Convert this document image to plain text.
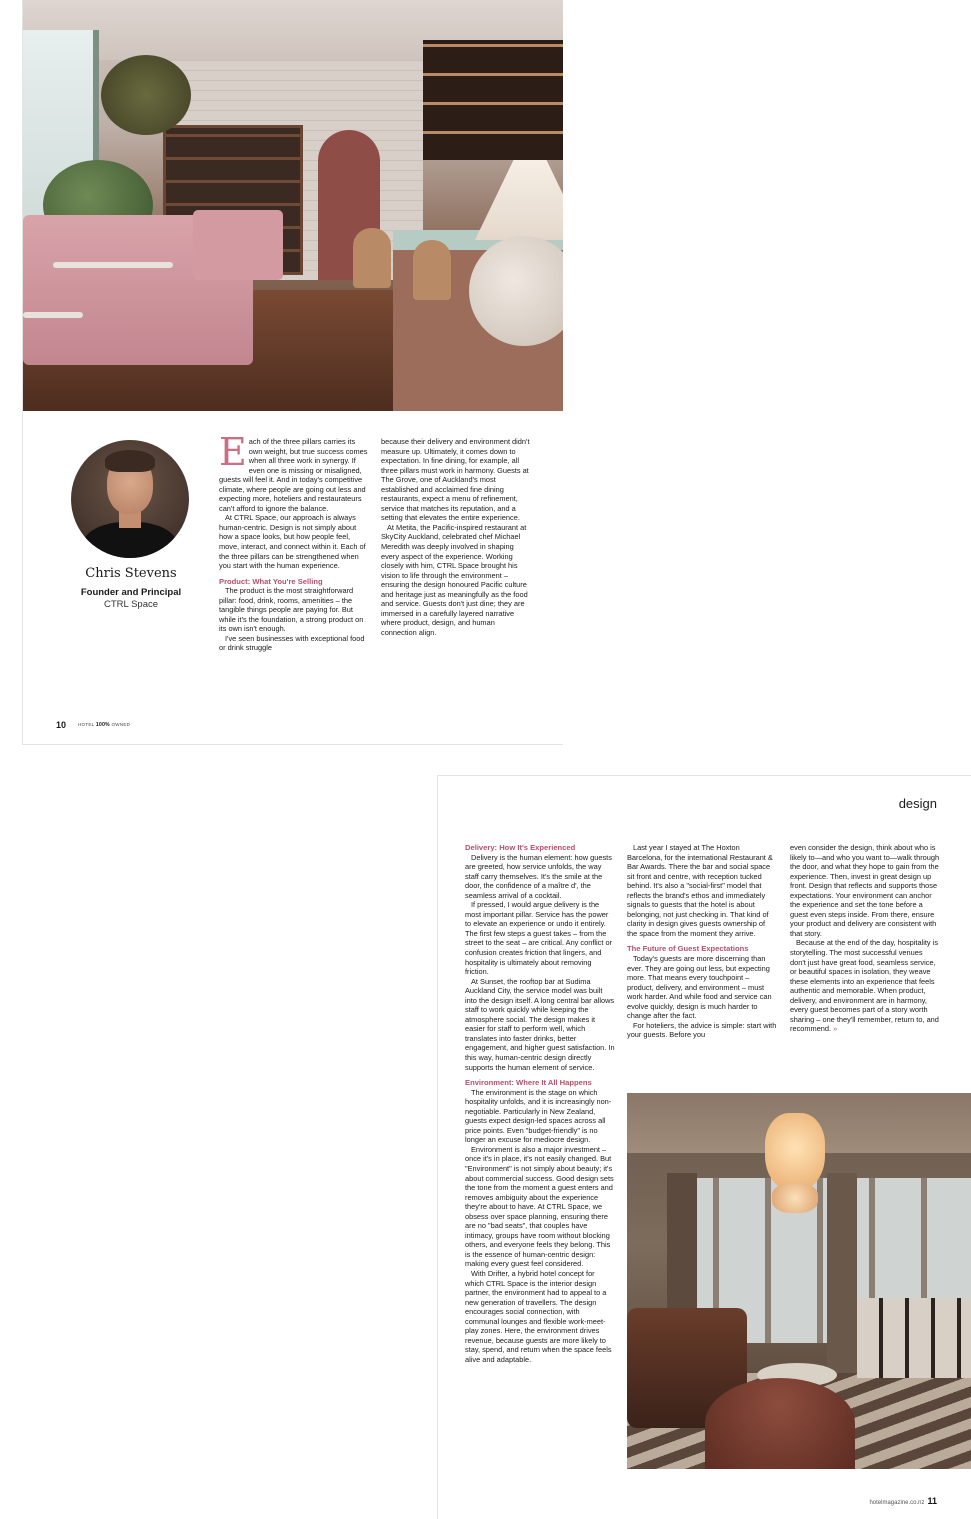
Chris Stevens
Founder and Principal
CTRL Space

Each of the three pillars carries its own weight, but true success comes when all three work in synergy. If even one is missing or misaligned, guests will feel it. And in today's competitive climate, where people are going out less and expecting more, hoteliers and restaurateurs can't afford to ignore the balance.

At CTRL Space, our approach is always human-centric. Design is not simply about how a space looks, but how people feel, move, interact, and connect within it. Each of the three pillars can be strengthened when you start with the human experience.

Product: What You're Selling

The product is the most straightforward pillar: food, drink, rooms, amenities – the tangible things people are paying for. But while it's the foundation, a strong product on its own isn't enough.

I've seen businesses with exceptional food or drink struggle

because their delivery and environment didn't measure up. Ultimately, it comes down to expectation. In fine dining, for example, all three pillars must work in harmony. Guests at The Grove, one of Auckland's most established and acclaimed fine dining restaurants, expect a menu of refinement, service that matches its reputation, and a setting that elevates the entire experience.

At Metita, the Pacific-inspired restaurant at SkyCity Auckland, celebrated chef Michael Meredith was deeply involved in shaping every aspect of the experience. Working closely with him, CTRL Space brought his vision to life through the environment – ensuring the design honoured Pacific culture and heritage just as meaningfully as the food and service. Guests don't just dine; they are immersed in a carefully layered narrative where product, design, and human connection align.

10	HOTEL 100% OWNED
design
Delivery: How It's Experienced

Delivery is the human element: how guests are greeted, how service unfolds, the way staff carry themselves. It's the smile at the door, the confidence of a maître d', the seamless arrival of a cocktail.

If pressed, I would argue delivery is the most important pillar. Service has the power to elevate an experience or undo it entirely. The first few steps a guest takes – from the street to the seat – are critical. Any conflict or confusion creates friction that lingers, and hospitality is ultimately about removing friction.

At Sunset, the rooftop bar at Sudima Auckland City, the service model was built into the design itself. A long central bar allows staff to work quickly while keeping the atmosphere social. The design makes it easier for staff to perform well, which translates into faster drinks, better engagement, and higher guest satisfaction. In this way, human-centric design directly supports the human element of service.

Environment: Where It All Happens

The environment is the stage on which hospitality unfolds, and it is increasingly non-negotiable. Particularly in New Zealand, guests expect design-led spaces across all price points. Even "budget-friendly" is no longer an excuse for mediocre design.

Environment is also a major investment – once it's in place, it's not easily changed. But "Environment" is not simply about beauty; it's about commercial success. Good design sets the tone from the moment a guest enters and removes ambiguity about the experience they're about to have. At CTRL Space, we obsess over space planning, ensuring there are no "bad seats", that couples have intimacy, groups have room without blocking others, and everyone feels they belong. This is the essence of human-centric design: making every guest feel considered.

With Drifter, a hybrid hotel concept for which CTRL Space is the interior design partner, the environment had to appeal to a new generation of travellers. The design encourages social connection, with communal lounges and flexible work-meet-play zones. Here, the environment drives revenue, because guests are more likely to stay, spend, and return when the space feels alive and adaptable.

Last year I stayed at The Hoxton Barcelona, for the international Restaurant & Bar Awards. There the bar and social space sit front and centre, with reception tucked behind. It's also a "social-first" model that reflects the brand's ethos and immediately signals to guests that the hotel is about belonging, not just checking in. That kind of clarity in design gives guests ownership of the space from the moment they arrive.

The Future of Guest Expectations

Today's guests are more discerning than ever. They are going out less, but expecting more. That means every touchpoint – product, delivery, and environment – must work harder. And while food and service can evolve quickly, design is much harder to change after the fact.

For hoteliers, the advice is simple: start with your guests. Before you

even consider the design, think about who is likely to—and who you want to—walk through the door, and what they hope to gain from the experience. Then, invest in great design up front. Design that reflects and supports those expectations. Your environment can anchor the experience and set the tone before a guest even steps inside. From there, ensure your product and delivery are consistent with that story.

Because at the end of the day, hospitality is storytelling. The most successful venues don't just have great food, seamless service, or beautiful spaces in isolation, they weave these elements into an experience that feels authentic and memorable. When product, delivery, and environment are in harmony, every guest becomes part of a story worth sharing – one they'll remember, return to, and recommend. »

hotelmagazine.co.nz 11
